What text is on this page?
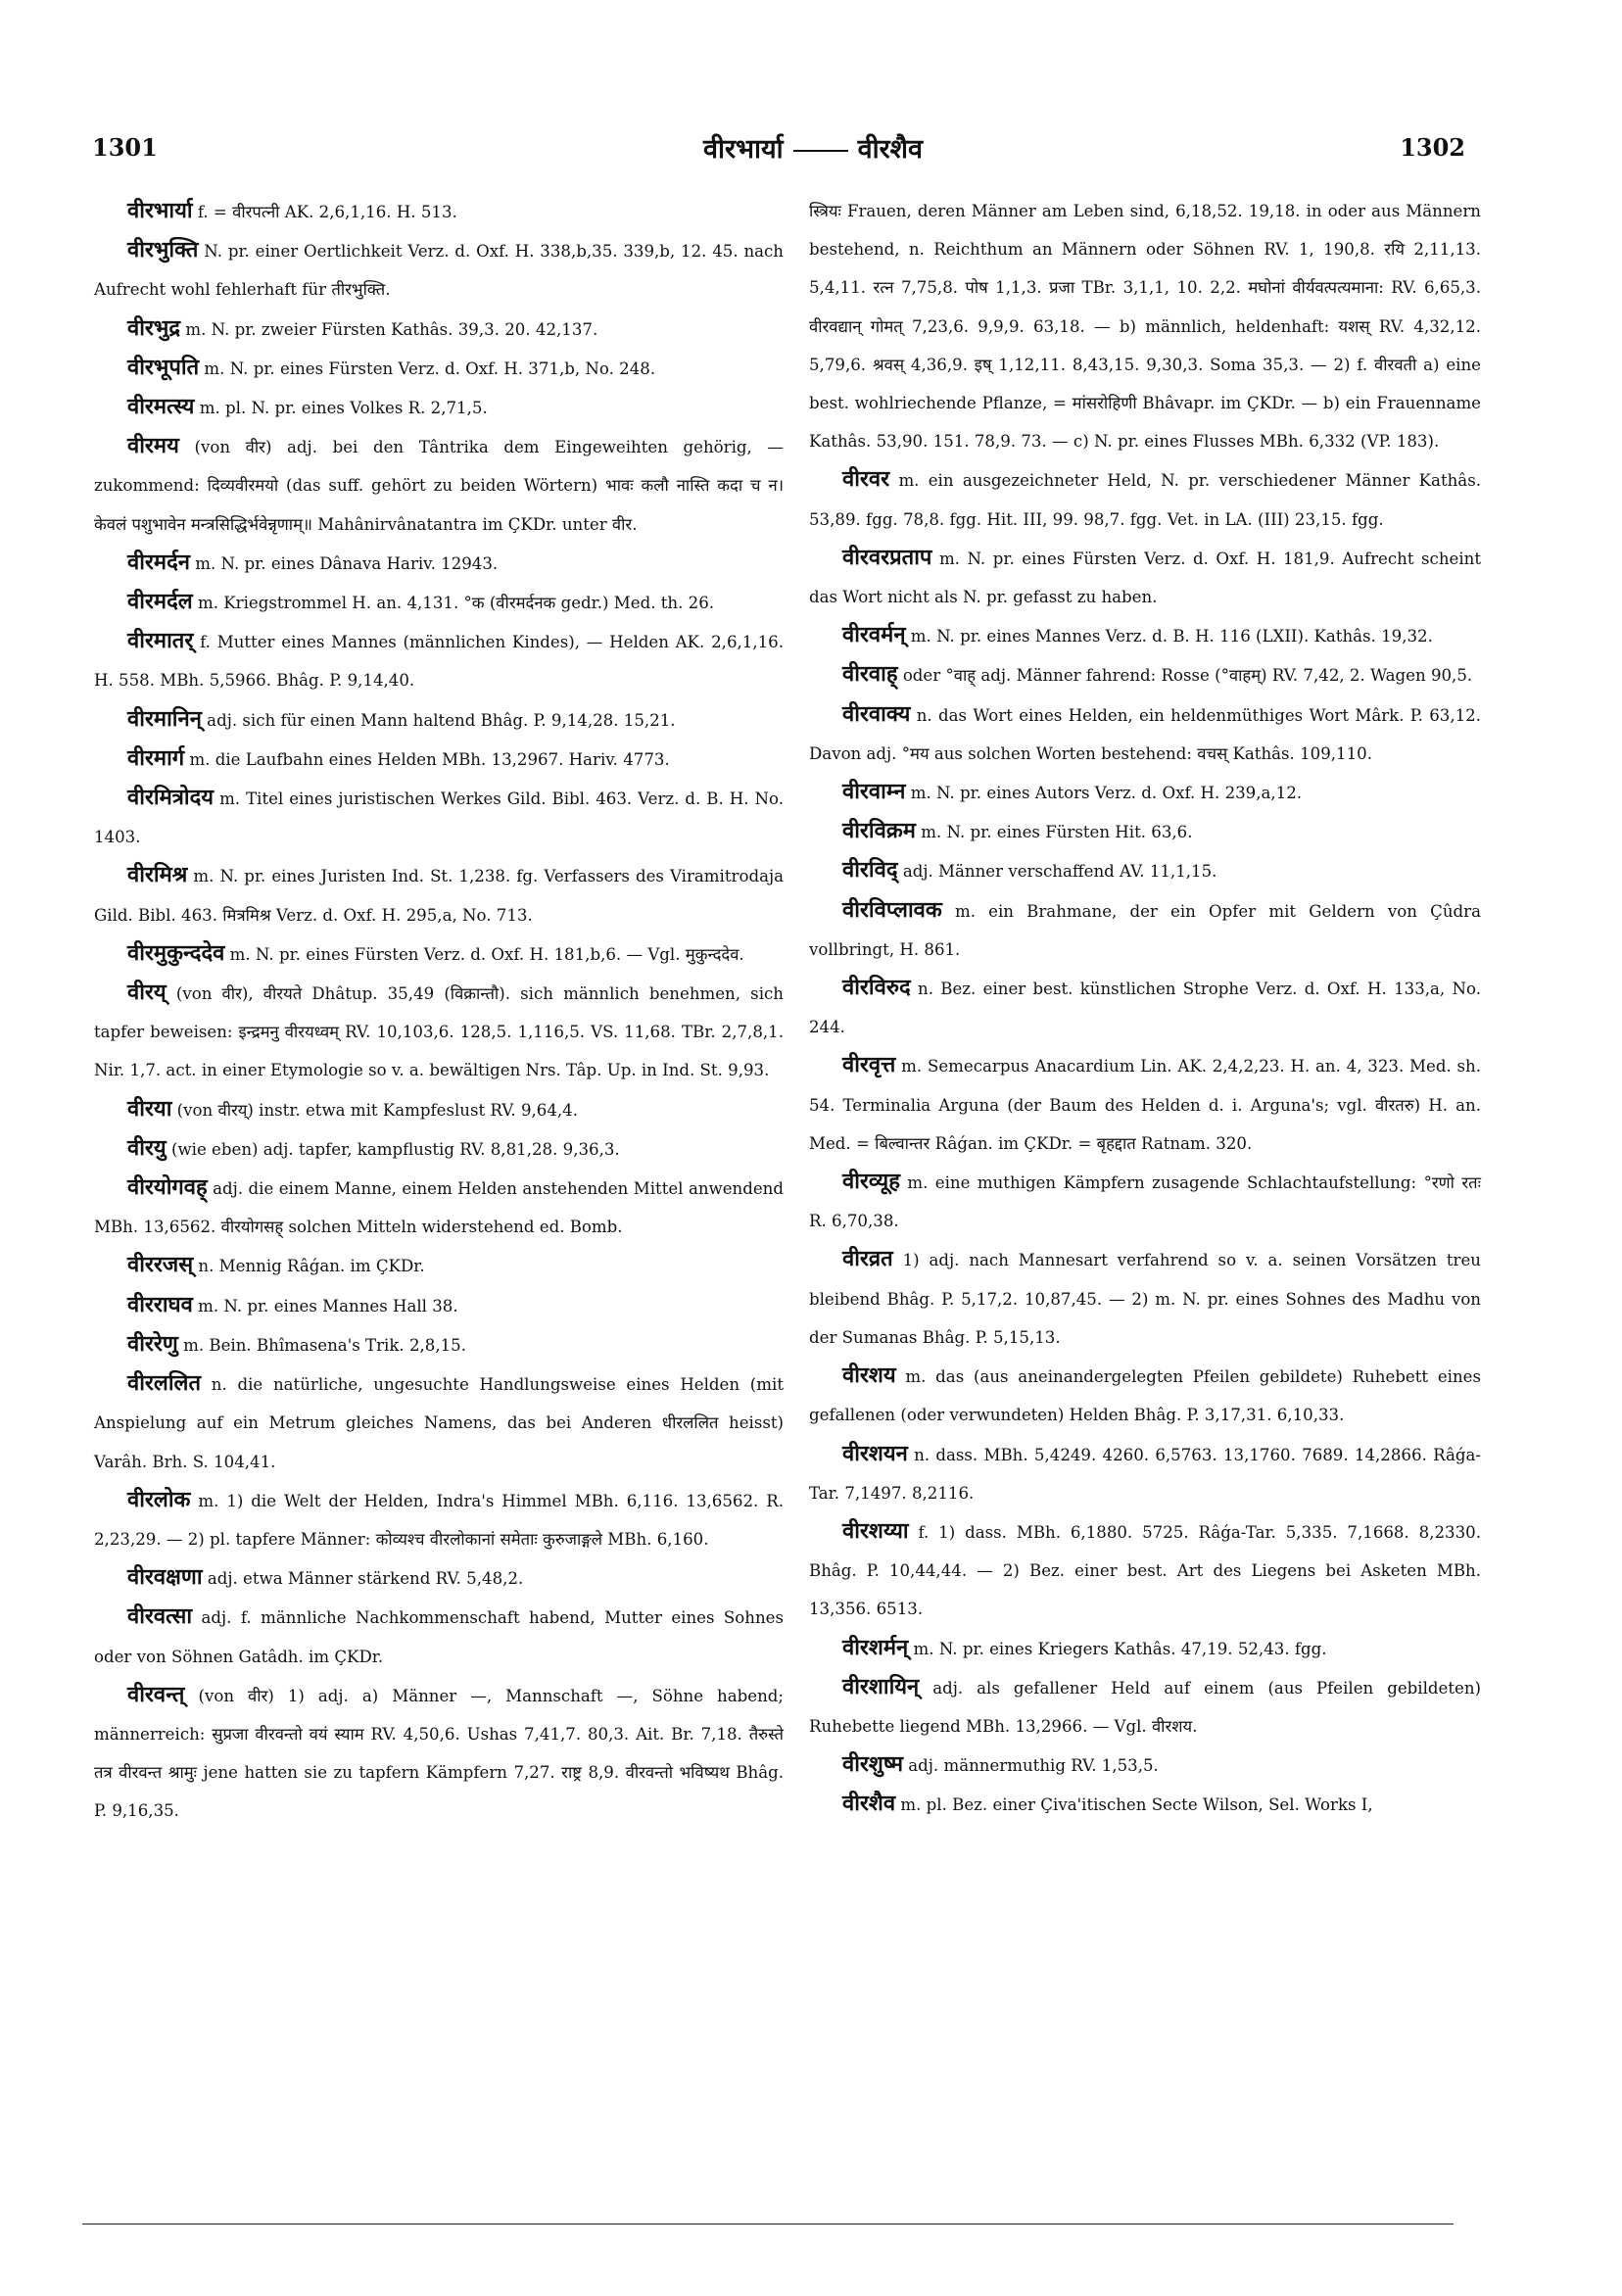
1301	वीरभार्या	वीरशैव	1302

वीरभार्या f. = वीरपत्नी AK. 2,6,1,16. H. 513.

वीरभुक्ति N. pr. einer Oertlichkeit Verz. d. Oxf. H. 338,b,35. 339,b, 12. 45. nach Aufrecht wohl fehlerhaft für तीरभुक्ति.

वीरभुद्र m. N. pr. zweier Fürsten Kathâs. 39,3. 20. 42,137.

वीरभूपति m. N. pr. eines Fürsten Verz. d. Oxf. H. 371,b, No. 248.

वीरमत्स्य m. pl. N. pr. eines Volkes R. 2,71,5.

वीरमय (von वीर) adj. bei den Tântrika dem Eingeweihten gehörig, — zukommend: दिव्यवीरमयो (das suff. gehört zu beiden Wörtern) भावः कलौ नास्ति कदा च न। केवलं पशुभावेन मन्त्रसिद्धिर्भवेन्नृणाम्॥ Mahânirvânatantra im ÇKDr. unter वीर.

वीरमर्दन m. N. pr. eines Dânava Hariv. 12943.

वीरमर्दल m. Kriegstrommel H. an. 4,131. °क (वीरमर्दनक gedr.) Med. th. 26.

वीरमातर् f. Mutter eines Mannes (männlichen Kindes), — Helden AK. 2,6,1,16. H. 558. MBh. 5,5966. Bhâg. P. 9,14,40.

वीरमानिन् adj. sich für einen Mann haltend Bhâg. P. 9,14,28. 15,21.

वीरमार्ग m. die Laufbahn eines Helden MBh. 13,2967. Hariv. 4773.

वीरमित्रोदय m. Titel eines juristischen Werkes Gild. Bibl. 463. Verz. d. B. H. No. 1403.

वीरमिश्र m. N. pr. eines Juristen Ind. St. 1,238. fg. Verfassers des Viramitrodaja Gild. Bibl. 463. मित्रमिश्र Verz. d. Oxf. H. 295,a, No. 713.

वीरमुकुन्ददेव m. N. pr. eines Fürsten Verz. d. Oxf. H. 181,b,6. — Vgl. मुकुन्ददेव.

वीरय् (von वीर), वीरयते Dhâtup. 35,49 (विक्रान्तौ). sich männlich benehmen, sich tapfer beweisen: इन्द्रमनु वीरयध्वम् RV. 10,103,6. 128,5. 1,116,5. VS. 11,68. TBr. 2,7,8,1. Nir. 1,7. act. in einer Etymologie so v. a. bewältigen Nrs. Tâp. Up. in Ind. St. 9,93.

वीरया (von वीरय्) instr. etwa mit Kampfeslust RV. 9,64,4.

वीरयु (wie eben) adj. tapfer, kampflustig RV. 8,81,28. 9,36,3.

वीरयोगवह् adj. die einem Manne, einem Helden anstehenden Mittel anwendend MBh. 13,6562. वीरयोगसह् solchen Mitteln widerstehend ed. Bomb.

वीररजस् n. Mennig Râǵan. im ÇKDr.

वीरराघव m. N. pr. eines Mannes Hall 38.

वीररेणु m. Bein. Bhîmasena's Trik. 2,8,15.

वीरललित n. die natürliche, ungesuchte Handlungsweise eines Helden (mit Anspielung auf ein Metrum gleiches Namens, das bei Anderen धीरललित heisst) Varâh. Brh. S. 104,41.

वीरलोक m. 1) die Welt der Helden, Indra's Himmel MBh. 6,116. 13,6562. R. 2,23,29. — 2) pl. tapfere Männer: कोव्यश्च वीरलोकानां समेताः कुरुजाङ्गले MBh. 6,160.

वीरवक्षणा adj. etwa Männer stärkend RV. 5,48,2.

वीरवत्सा adj. f. männliche Nachkommenschaft habend, Mutter eines Sohnes oder von Söhnen Gatâdh. im ÇKDr.

वीरवन्त् (von वीर) 1) adj. a) Männer —, Mannschaft —, Söhne habend; männerreich: सुप्रजा वीरवन्तो वयं स्याम RV. 4,50,6. Ushas 7,41,7. 80,3. Ait. Br. 7,18. तैरुस्ते तत्र वीरवन्त श्रामुः jene hatten sie zu tapfern Kämpfern 7,27. राष्ट्र 8,9. वीरवन्तो भविष्यथ Bhâg. P. 9,16,35.

स्त्रियः Frauen, deren Männer am Leben sind, 6,18,52. 19,18. in oder aus Männern bestehend, n. Reichthum an Männern oder Söhnen RV. 1, 190,8. रयि 2,11,13. 5,4,11. रत्न 7,75,8. पोष 1,1,3. प्रजा TBr. 3,1,1, 10. 2,2. मघोनां वीर्यवत्पत्यमाना: RV. 6,65,3. वीरवद्यान् गोमत् 7,23,6. 9,9,9. 63,18. — b) männlich, heldenhaft: यशस् RV. 4,32,12. 5,79,6. श्रवस् 4,36,9. इष् 1,12,11. 8,43,15. 9,30,3. Soma 35,3. — 2) f. वीरवती a) eine best. wohlriechende Pflanze, = मांसरोहिणी Bhâvapr. im ÇKDr. — b) ein Frauenname Kathâs. 53,90. 151. 78,9. 73. — c) N. pr. eines Flusses MBh. 6,332 (VP. 183).

वीरवर m. ein ausgezeichneter Held, N. pr. verschiedener Männer Kathâs. 53,89. fgg. 78,8. fgg. Hit. III, 99. 98,7. fgg. Vet. in LA. (III) 23,15. fgg.

वीरवरप्रताप m. N. pr. eines Fürsten Verz. d. Oxf. H. 181,9. Aufrecht scheint das Wort nicht als N. pr. gefasst zu haben.

वीरवर्मन् m. N. pr. eines Mannes Verz. d. B. H. 116 (LXII). Kathâs. 19,32.

वीरवाह् oder °वाह् adj. Männer fahrend: Rosse (°वाहम्) RV. 7,42, 2. Wagen 90,5.

वीरवाक्य n. das Wort eines Helden, ein heldenmüthiges Wort Mârk. P. 63,12. Davon adj. °मय aus solchen Worten bestehend: वचस् Kathâs. 109,110.

वीरवाम्न m. N. pr. eines Autors Verz. d. Oxf. H. 239,a,12.

वीरविक्रम m. N. pr. eines Fürsten Hit. 63,6.

वीरविद् adj. Männer verschaffend AV. 11,1,15.

वीरविप्लावक m. ein Brahmane, der ein Opfer mit Geldern von Çûdra vollbringt, H. 861.

वीरविरुद n. Bez. einer best. künstlichen Strophe Verz. d. Oxf. H. 133,a, No. 244.

वीरवृत्त m. Semecarpus Anacardium Lin. AK. 2,4,2,23. H. an. 4, 323. Med. sh. 54. Terminalia Arguna (der Baum des Helden d. i. Arguna's; vgl. वीरतरु) H. an. Med. = बिल्वान्तर Râǵan. im ÇKDr. = बृहद्दात Ratnam. 320.

वीरव्यूह m. eine muthigen Kämpfern zusagende Schlachtaufstellung: °रणो रतः R. 6,70,38.

वीरव्रत 1) adj. nach Mannesart verfahrend so v. a. seinen Vorsätzen treu bleibend Bhâg. P. 5,17,2. 10,87,45. — 2) m. N. pr. eines Sohnes des Madhu von der Sumanas Bhâg. P. 5,15,13.

वीरशय m. das (aus aneinandergelegten Pfeilen gebildete) Ruhebett eines gefallenen (oder verwundeten) Helden Bhâg. P. 3,17,31. 6,10,33.

वीरशयन n. dass. MBh. 5,4249. 4260. 6,5763. 13,1760. 7689. 14,2866. Râǵa-Tar. 7,1497. 8,2116.

वीरशय्या f. 1) dass. MBh. 6,1880. 5725. Râǵa-Tar. 5,335. 7,1668. 8,2330. Bhâg. P. 10,44,44. — 2) Bez. einer best. Art des Liegens bei Asketen MBh. 13,356. 6513.

वीरशर्मन् m. N. pr. eines Kriegers Kathâs. 47,19. 52,43. fgg.

वीरशायिन् adj. als gefallener Held auf einem (aus Pfeilen gebildeten) Ruhebette liegend MBh. 13,2966. — Vgl. वीरशय.

वीरशुष्म adj. männermuthig RV. 1,53,5.

वीरशैव m. pl. Bez. einer Çiva'itischen Secte Wilson, Sel. Works I,
